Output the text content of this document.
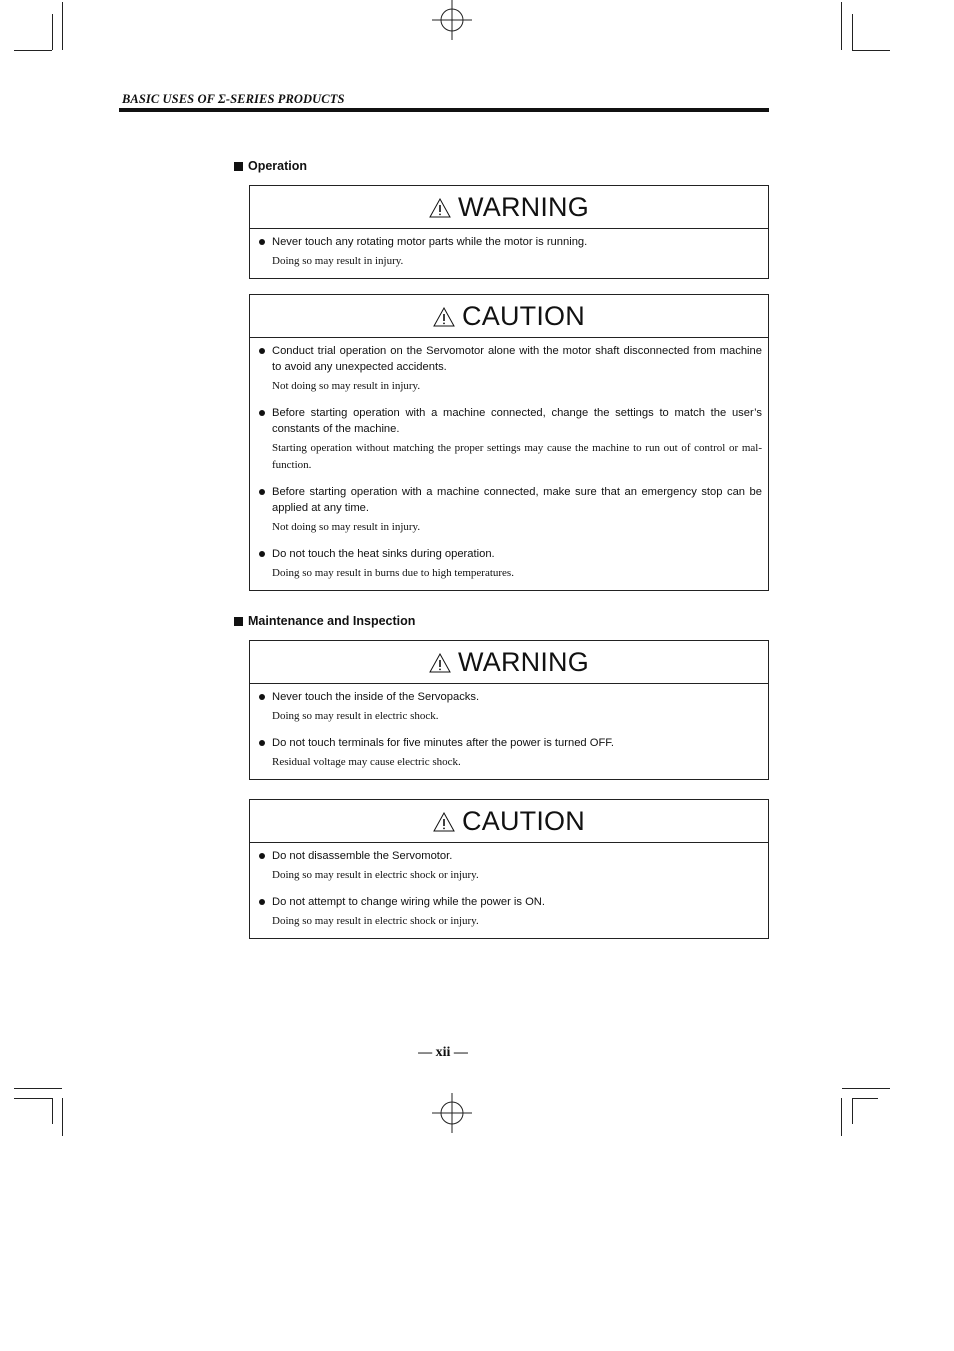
BASIC USES OF Σ-SERIES PRODUCTS
Operation
WARNING
Never touch any rotating motor parts while the motor is running.
Doing so may result in injury.
CAUTION
Conduct trial operation on the Servomotor alone with the motor shaft disconnected from machine to avoid any unexpected accidents.
Not doing so may result in injury.
Before starting operation with a machine connected, change the settings to match the user’s constants of the machine.
Starting operation without matching the proper settings may cause the machine to run out of control or mal-function.
Before starting operation with a machine connected, make sure that an emergency stop can be applied at any time.
Not doing so may result in injury.
Do not touch the heat sinks during operation.
Doing so may result in burns due to high temperatures.
Maintenance and Inspection
WARNING
Never touch the inside of the Servopacks.
Doing so may result in electric shock.
Do not touch terminals for five minutes after the power is turned OFF.
Residual voltage may cause electric shock.
CAUTION
Do not disassemble the Servomotor.
Doing so may result in electric shock or injury.
Do not attempt to change wiring while the power is ON.
Doing so may result in electric shock or injury.
— xii —
